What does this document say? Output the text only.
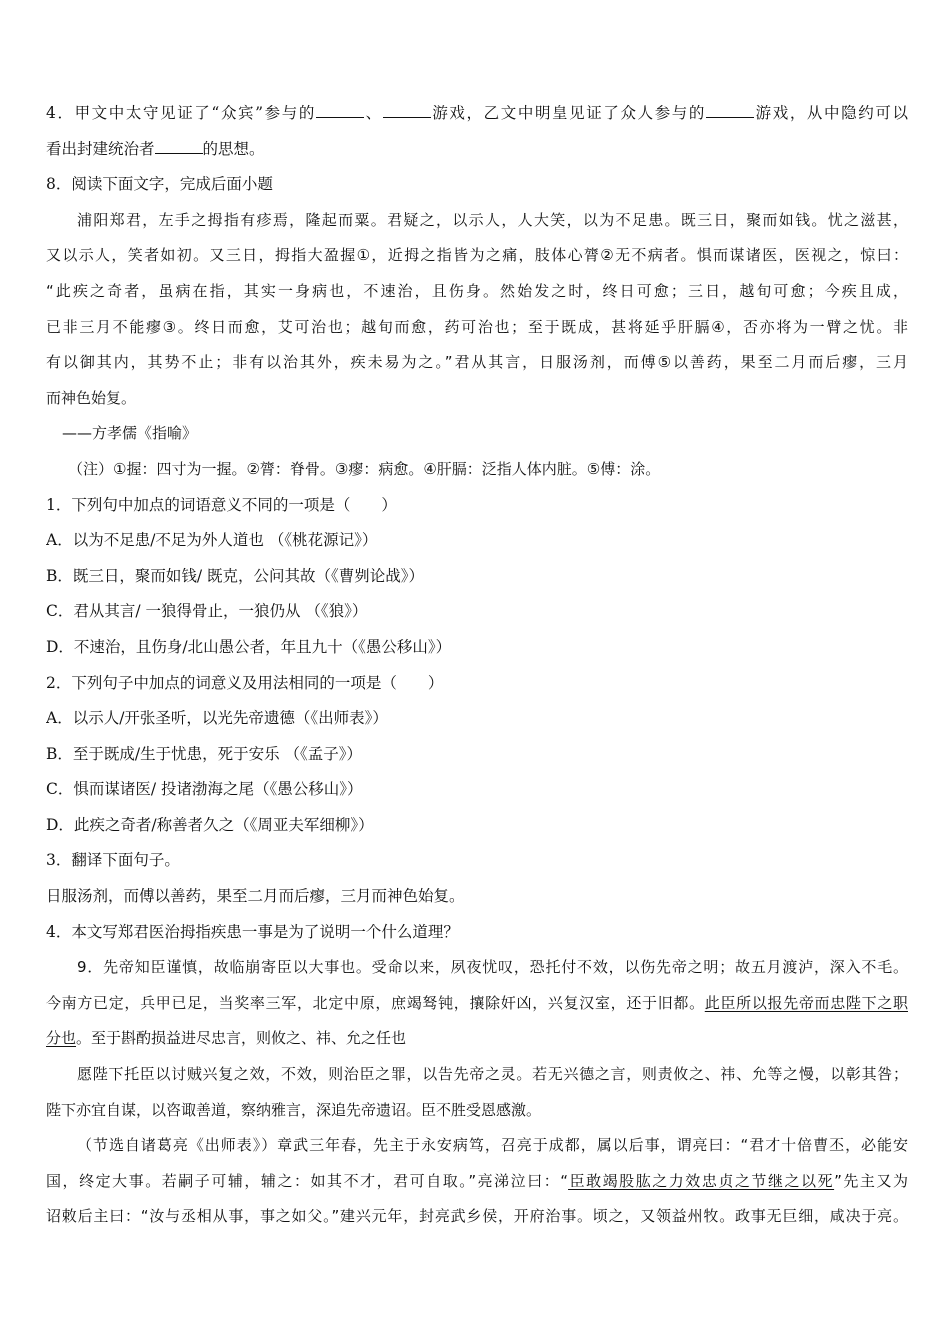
4．甲文中太守见证了“众宾”参与的	、	游戏，乙文中明皇见证了众人参与的	游戏，从中隐约可以
看出封建统治者	的思想。
8．阅读下面文字，完成后面小题
浦阳郑君，左手之拇指有疹焉，隆起而粟。君疑之，以示人，人大笑，以为不足患。既三日，聚而如钱。忧之滋甚，
又以示人，笑者如初。又三日，拇指大盈握①，近拇之指皆为之痛，肢体心膂②无不病者。惧而谋诸医，医视之，惊曰：
“此疾之奇者，虽病在指，其实一身病也，不速治，且伤身。然始发之时，终日可愈；三日，越旬可愈；今疾且成，
已非三月不能瘳③。终日而愈，艾可治也；越旬而愈，药可治也；至于既成，甚将延乎肝膈④，否亦将为一臂之忧。非
有以御其内，其势不止；非有以治其外，疾未易为之。”君从其言，日服汤剂，而傅⑤以善药，果至二月而后瘳，三月
而神色始复。
——方孝儒《指喻》
（注）①握：四寸为一握。②膂：脊骨。③瘳：病愈。④肝膈：泛指人体内脏。⑤傅：涂。
1．下列句中加点的词语意义不同的一项是（　　）
A．以为不足患/不足为外人道也 （《桃花源记》）
B．既三日，聚而如钱/ 既克，公问其故（《曹刿论战》）
C．君从其言/ 一狼得骨止，一狼仍从 （《狼》）
D．不速治，且伤身/北山愚公者，年且九十（《愚公移山》）
2．下列句子中加点的词意义及用法相同的一项是（　　）
A．以示人/开张圣听，以光先帝遗德（《出师表》）
B．至于既成/生于忧患，死于安乐 （《孟子》）
C．惧而谋诸医/ 投诸渤海之尾（《愚公移山》）
D．此疾之奇者/称善者久之（《周亚夫军细柳》）
3．翻译下面句子。
日服汤剂，而傅以善药，果至二月而后瘳，三月而神色始复。
4．本文写郑君医治拇指疾患一事是为了说明一个什么道理？
9．先帝知臣谨慎，故临崩寄臣以大事也。受命以来，夙夜忧叹，恐托付不效，以伤先帝之明；故五月渡泸，深入不毛。
今南方已定，兵甲已足，当奖率三军，北定中原，庶竭驽钝，攘除奸凶，兴复汉室，还于旧都。此臣所以报先帝而忠陛下之职
分也。至于斟酌损益进尽忠言，则攸之、祎、允之任也
愿陛下托臣以讨贼兴复之效，不效，则治臣之罪，以告先帝之灵。若无兴德之言，则责攸之、祎、允等之慢，以彰其咎；
陛下亦宜自谋，以咨诹善道，察纳雅言，深追先帝遗诏。臣不胜受恩感激。
（节选自诸葛亮《出师表》）章武三年春，先主于永安病笃，召亮于成都，属以后事，谓亮曰：“君才十倍曹丕，必能安
国，终定大事。若嗣子可辅，辅之：如其不才，君可自取。”亮涕泣曰：“臣敢竭股肱之力效忠贞之节继之以死”先主又为
诏敕后主曰：“汝与丞相从事，事之如父。”建兴元年，封亮武乡侯，开府治事。顷之，又领益州牧。政事无巨细，咸决于亮。
